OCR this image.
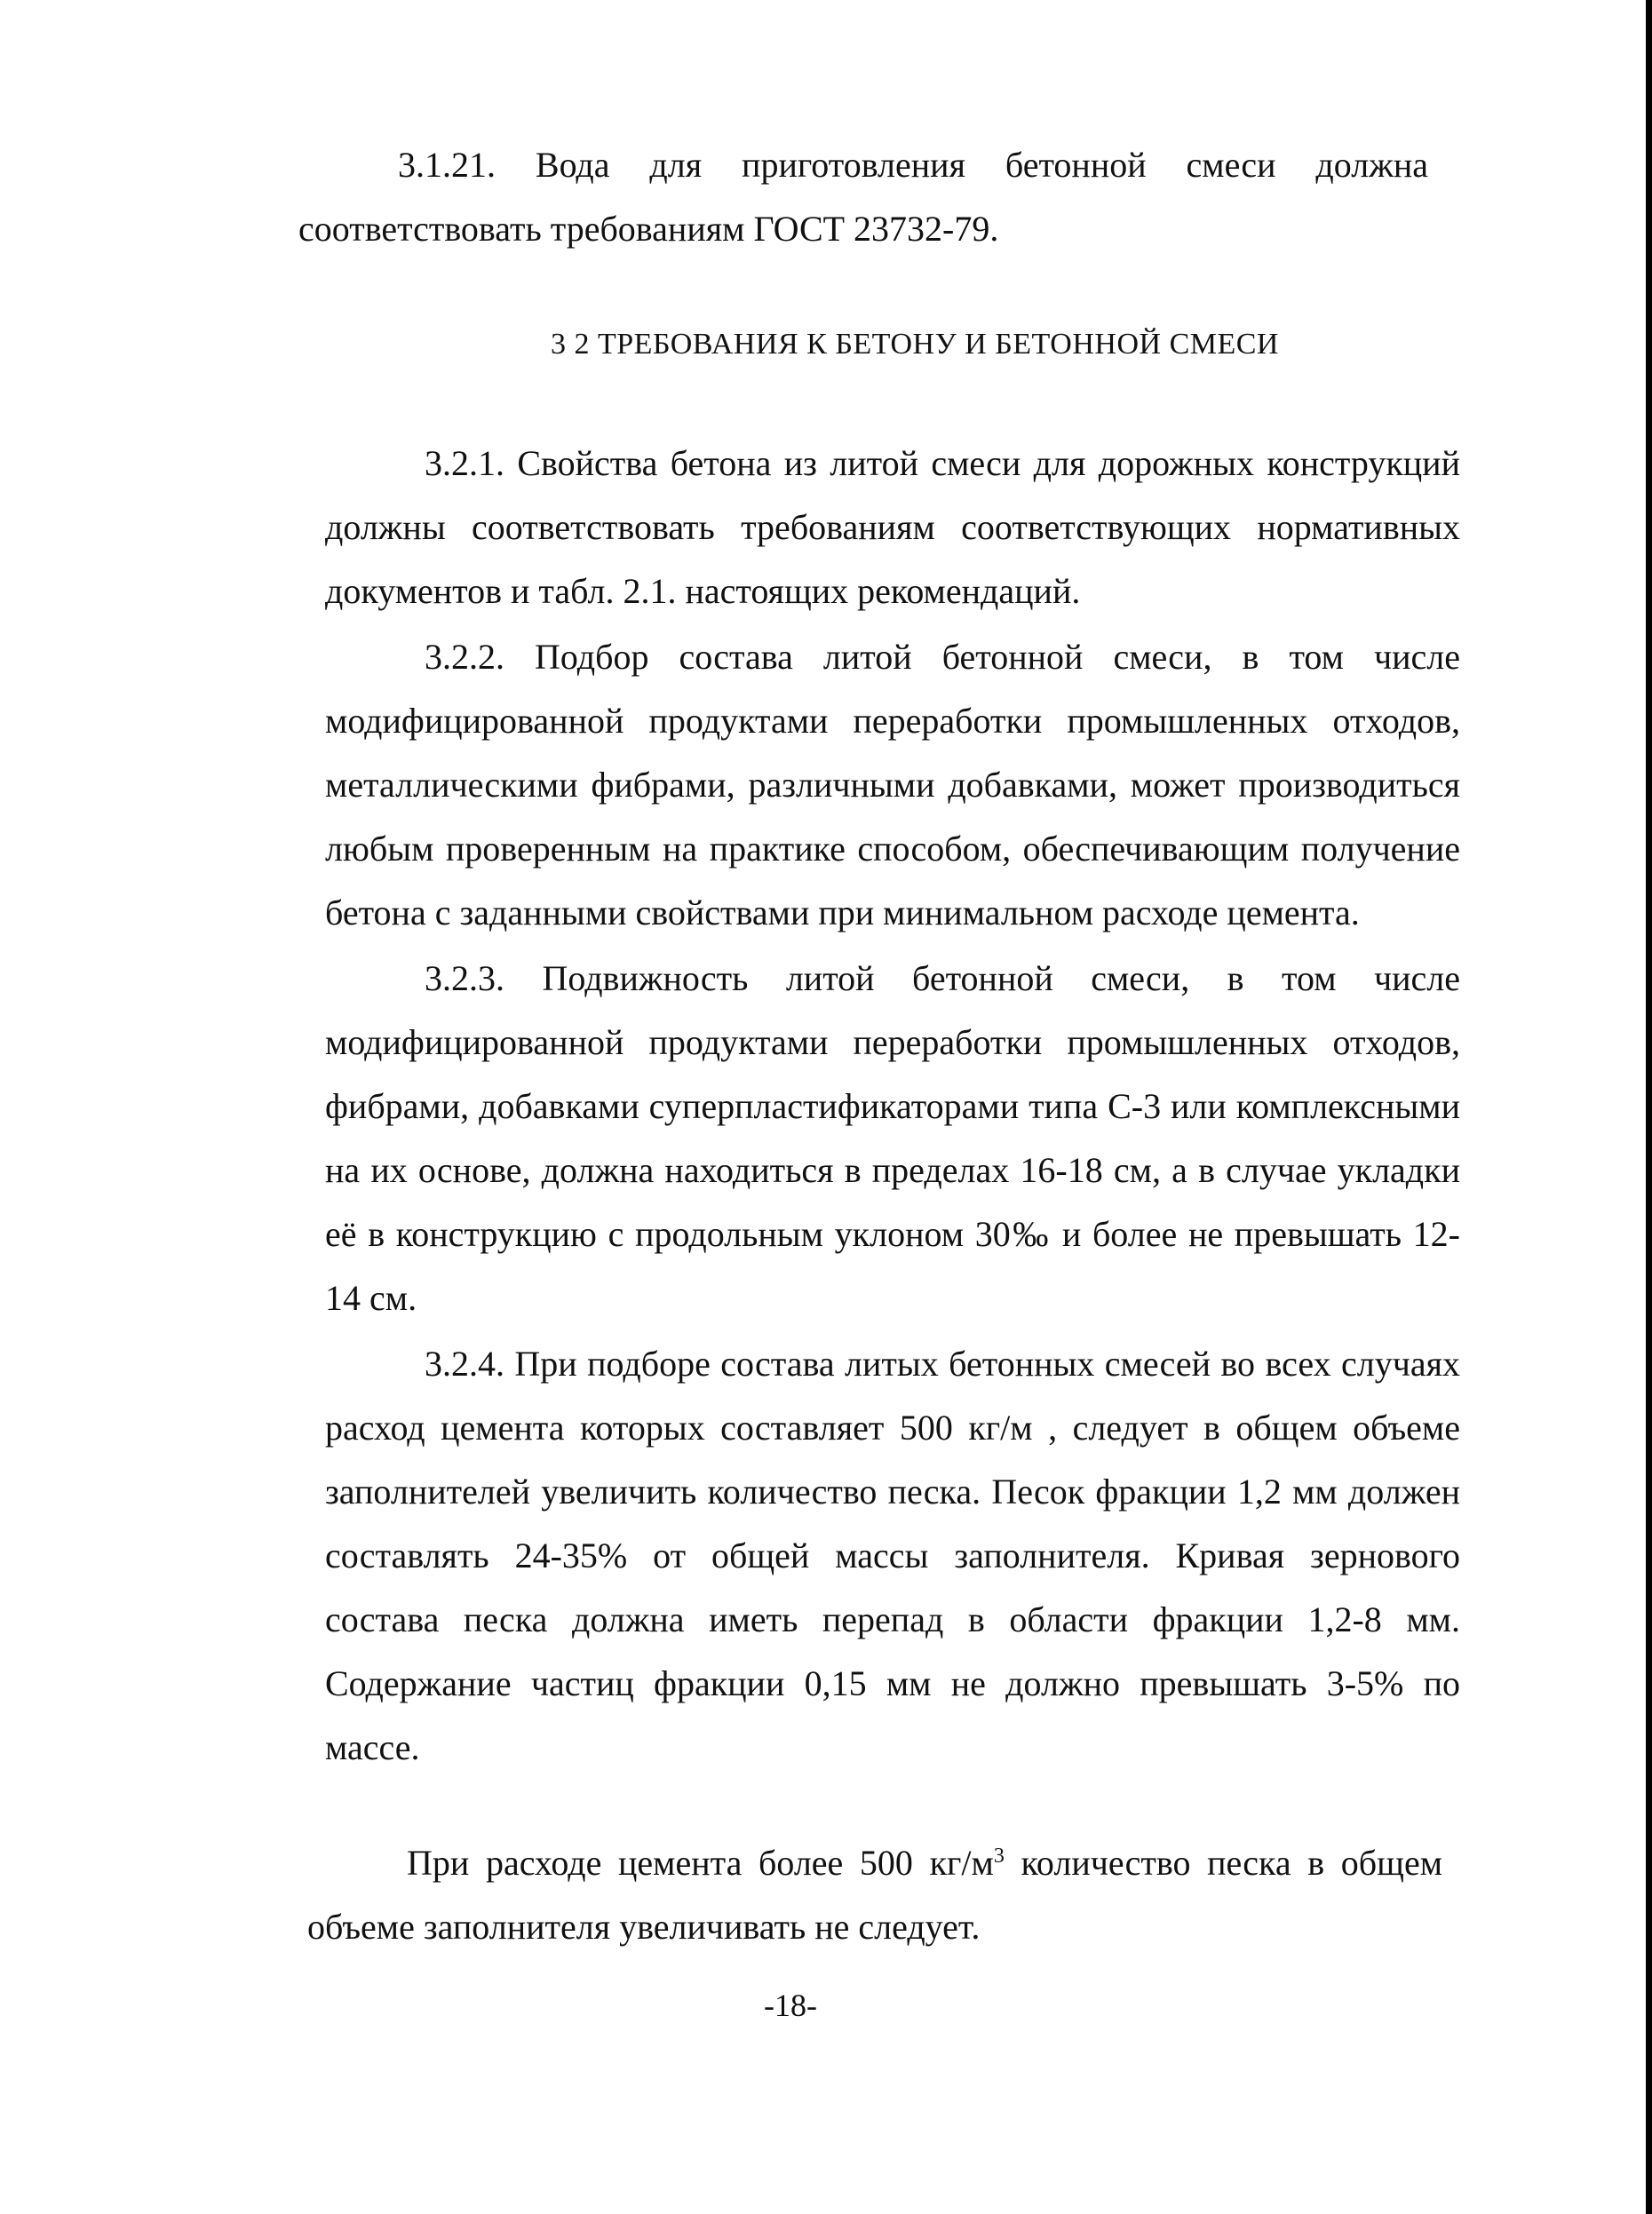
3.1.21. Вода для приготовления бетонной смеси должна соответствовать требованиям ГОСТ 23732-79.

3 2 ТРЕБОВАНИЯ К БЕТОНУ И БЕТОННОЙ СМЕСИ

3.2.1. Свойства бетона из литой смеси для дорожных конструкций должны соответствовать требованиям соответствующих нормативных документов и табл. 2.1. настоящих рекомендаций.

3.2.2. Подбор состава литой бетонной смеси, в том числе модифицированной продуктами переработки промышленных отходов, металлическими фибрами, различными добавками, может производиться любым проверенным на практике способом, обеспечивающим получение бетона с заданными свойствами при минимальном расходе цемента.

3.2.3. Подвижность литой бетонной смеси, в том числе модифицированной продуктами переработки промышленных отходов, фибрами, добавками суперпластификаторами типа С-3 или комплексными на их основе, должна находиться в пределах 16-18 см, а в случае укладки её в конструкцию с продольным уклоном 30‰ и более не превышать 12-14 см.

3.2.4. При подборе состава литых бетонных смесей во всех случаях расход цемента которых составляет 500 кг/м , следует в общем объеме заполнителей увеличить количество песка. Песок фракции 1,2 мм должен составлять 24-35% от общей массы заполнителя. Кривая зернового состава песка должна иметь перепад в области фракции 1,2-8 мм. Содержание частиц фракции 0,15 мм не должно превышать 3-5% по массе.

При расходе цемента более 500 $кг/м^3$ количество песка в общем объеме заполнителя увеличивать не следует.

-18-
